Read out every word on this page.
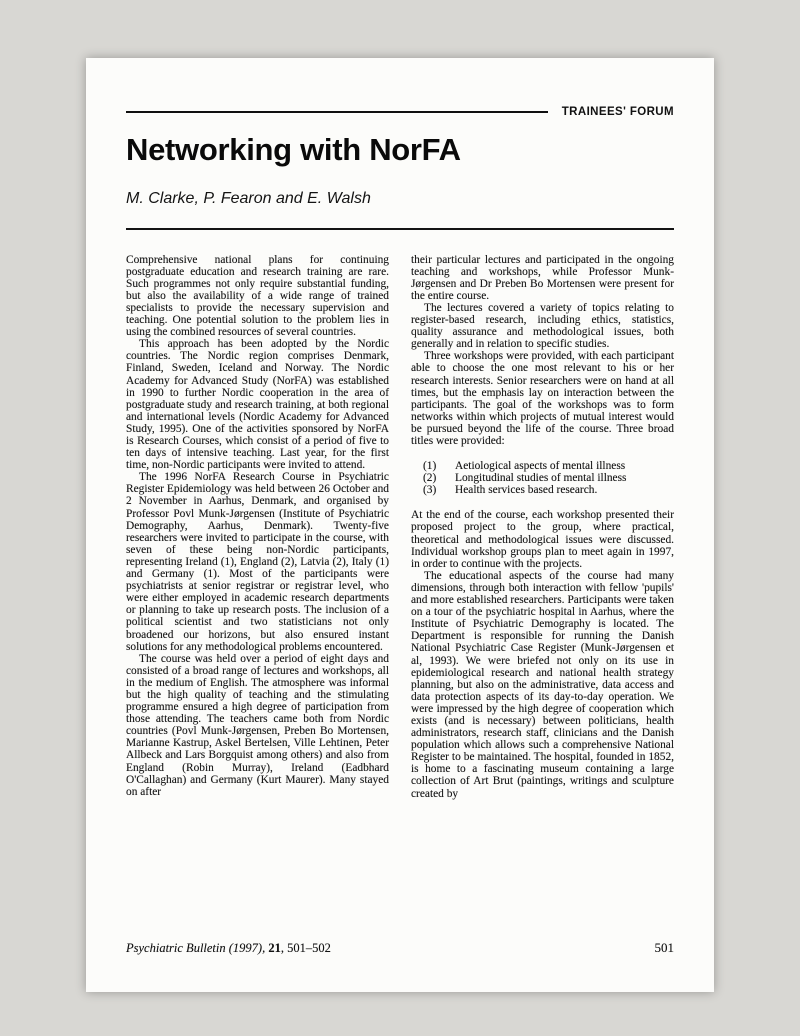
TRAINEES' FORUM
Networking with NorFA
M. Clarke, P. Fearon and E. Walsh

Comprehensive national plans for continuing postgraduate education and research training are rare. Such programmes not only require substantial funding, but also the availability of a wide range of trained specialists to provide the necessary supervision and teaching. One potential solution to the problem lies in using the combined resources of several countries.

This approach has been adopted by the Nordic countries. The Nordic region comprises Denmark, Finland, Sweden, Iceland and Norway. The Nordic Academy for Advanced Study (NorFA) was established in 1990 to further Nordic cooperation in the area of postgraduate study and research training, at both regional and international levels (Nordic Academy for Advanced Study, 1995). One of the activities sponsored by NorFA is Research Courses, which consist of a period of five to ten days of intensive teaching. Last year, for the first time, non-Nordic participants were invited to attend.

The 1996 NorFA Research Course in Psychiatric Register Epidemiology was held between 26 October and 2 November in Aarhus, Denmark, and organised by Professor Povl Munk-Jørgensen (Institute of Psychiatric Demography, Aarhus, Denmark). Twenty-five researchers were invited to participate in the course, with seven of these being non-Nordic participants, representing Ireland (1), England (2), Latvia (2), Italy (1) and Germany (1). Most of the participants were psychiatrists at senior registrar or registrar level, who were either employed in academic research departments or planning to take up research posts. The inclusion of a political scientist and two statisticians not only broadened our horizons, but also ensured instant solutions for any methodological problems encountered.

The course was held over a period of eight days and consisted of a broad range of lectures and workshops, all in the medium of English. The atmosphere was informal but the high quality of teaching and the stimulating programme ensured a high degree of participation from those attending. The teachers came both from Nordic countries (Povl Munk-Jørgensen, Preben Bo Mortensen, Marianne Kastrup, Askel Bertelsen, Ville Lehtinen, Peter Allbeck and Lars Borgquist among others) and also from England (Robin Murray), Ireland (Eadbhard O'Callaghan) and Germany (Kurt Maurer). Many stayed on after

their particular lectures and participated in the ongoing teaching and workshops, while Professor Munk-Jørgensen and Dr Preben Bo Mortensen were present for the entire course.

The lectures covered a variety of topics relating to register-based research, including ethics, statistics, quality assurance and methodological issues, both generally and in relation to specific studies.

Three workshops were provided, with each participant able to choose the one most relevant to his or her research interests. Senior researchers were on hand at all times, but the emphasis lay on interaction between the participants. The goal of the workshops was to form networks within which projects of mutual interest would be pursued beyond the life of the course. Three broad titles were provided:

(1)	Aetiological aspects of mental illness
(2)	Longitudinal studies of mental illness
(3)	Health services based research.

At the end of the course, each workshop presented their proposed project to the group, where practical, theoretical and methodological issues were discussed. Individual workshop groups plan to meet again in 1997, in order to continue with the projects.

The educational aspects of the course had many dimensions, through both interaction with fellow 'pupils' and more established researchers. Participants were taken on a tour of the psychiatric hospital in Aarhus, where the Institute of Psychiatric Demography is located. The Department is responsible for running the Danish National Psychiatric Case Register (Munk-Jørgensen et al, 1993). We were briefed not only on its use in epidemiological research and national health strategy planning, but also on the administrative, data access and data protection aspects of its day-to-day operation. We were impressed by the high degree of cooperation which exists (and is necessary) between politicians, health administrators, research staff, clinicians and the Danish population which allows such a comprehensive National Register to be maintained. The hospital, founded in 1852, is home to a fascinating museum containing a large collection of Art Brut (paintings, writings and sculpture created by

Psychiatric Bulletin (1997), 21, 501–502	501
